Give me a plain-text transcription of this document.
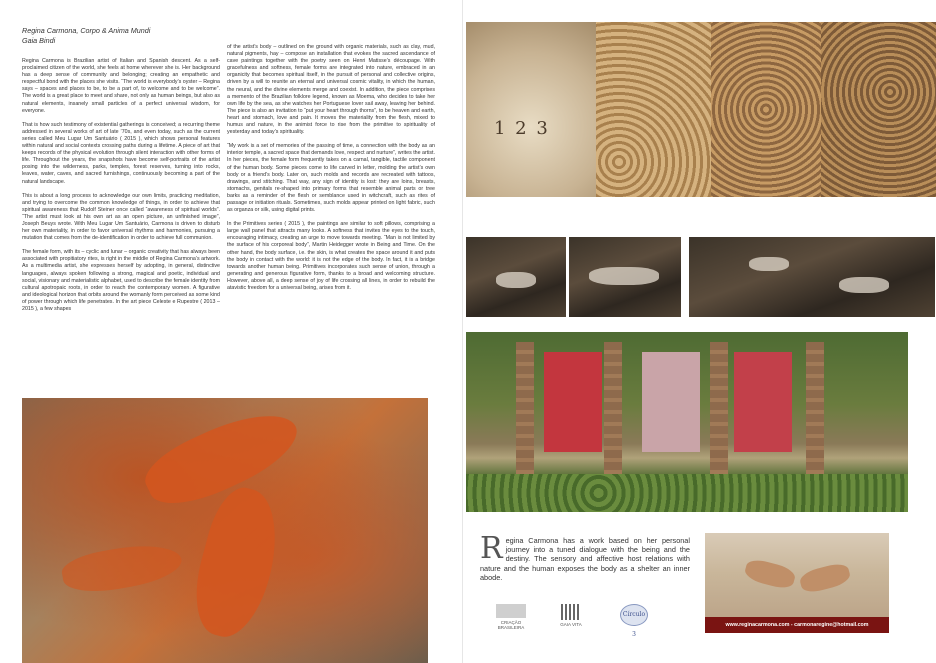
Regina Carmona, Corpo & Anima Mundi
Gaia Bindi

Regina Carmona is Brazilian artist of Italian and Spanish descent. As a self-proclaimed citizen of the world, she feels at home wherever she is. Her background has a deep sense of community and belonging; creating an empathetic and respectful bond with the places she visits. “The world is everybody’s oyster – Regina says – spaces and places to be, to be a part of, to welcome and to be welcome”. The world is a great place to meet and share, not only as human beings, but also as natural elements, insanely small particles of a perfect universal wisdom, for everyone.

That is how such testimony of existential gatherings is conceived; a recurring theme addressed in several works of art of late ’70s, and even today, such as the current series called Meu Lugar Um Santuário ( 2015 ), which shows personal features within natural and social contexts crossing paths during a lifetime. A piece of art that keeps records of the physical evolution through silent interaction with other forms of life. Throughout the years, the snapshots have become self-portraits of the artist posing into the wilderness, parks, temples, forest reserves, turning into rocks, leaves, water, caves, and sacred furnishings, continuously becoming a part of the natural landscape.

This is about a long process to acknowledge our own limits, practicing meditation, and trying to overcome the common knowledge of things, in order to achieve that spiritual awareness that Rudolf Steiner once called “awareness of spiritual worlds”. “The artist must look at his own art as an open picture, an unfinished image”, Joseph Beuys wrote. With Meu Lugar Um Santuário, Carmona is driven to disturb her own materiality, in order to favor universal rhythms and harmonies, pursuing a mutation that comes from the de-identification in order to achieve full communion.

The female form, with its – cyclic and lunar – organic creativity that has always been associated with propitiatory rites, is right in the middle of Regina Carmona’s artwork. As a multimedia artist, she expresses herself by adopting, in general, distinctive languages, always spoken following a strong, magical and poetic, individual and social, visionary and materialistic alphabet, used to describe the female identity from cultural apotropaic roots, in order to reach the contemporary women. A figurative and ideological horizon that orbits around the womanly form perceived as some kind of power through which life penetrates. In the art piece Celeste e Rupestre ( 2013 – 2015 ), a few shapes

of the artist’s body – outlined on the ground with organic materials, such as clay, mud, natural pigments, hay – compose an installation that evokes the sacred ascendance of cave paintings together with the poetry seen on Henri Matisse’s découpage. With gracefulness and softness, female forms are integrated into nature, embraced in an organicity that becomes spiritual itself, in the pursuit of personal and collective origins, driven by a will to reunite an eternal and universal cosmic vitality, in which the human, the neural, and the divine elements merge and coexist. In addition, the piece comprises a memento of the Brazilian folklore legend, known as Moema, who decides to take her own life by the sea, as she watches her Portuguese lover sail away, leaving her behind. The piece is also an invitation to “put your heart through thorns”, to be heaven and earth, heart and stomach, love and pain. It moves the materiality from the flesh, mixed to humus and nature, in the animist force to rise from the primitive to spirituality of yesterday and today’s spirituality.

“My work is a set of memories of the passing of time, a connection with the body as an interior temple, a sacred space that demands love, respect and nurture”, writes the artist. In her pieces, the female form frequently takes on a carnal, tangible, tactile component of the human body. Some pieces come to life carved in letter, molding the artist’s own body or a friend’s body. Later on, such molds and records are recreated with tattoos, drawings, and stitching. That way, any sign of identity is lost: they are loins, breasts, stomachs, genitals re-shaped into primary forms that resemble animal parts or tree barks as a reminder of the flesh or semblance used in witchcraft, such as rites of passage or initiation rituals. Sometimes, such molds appear printed on light fabric, such as organza or silk, using digital prints.

In the Primitives series ( 2015 ), the paintings are similar to soft pillows, comprising a large wall panel that attracts many looks. A softness that invites the eyes to the touch, encouraging intimacy, creating an urge to move towards meeting. “Man is not limited by the surface of his corporeal body”, Martin Heidegger wrote in Being and Time. On the other hand, the body surface, i.e. the skin, is what creates the space around it and puts the body in contact with the world: it is not the edge of the body. In fact, it is a bridge towards another human being. Primitives incorporates such sense of union, through a generating and generous figurative form, thanks to a broad and welcoming structure. However, above all, a deep sense of joy of life crossing all lines, in order to rebuild the atavistic freedom for a universal being, arises from it.

1 2 3
R egina Carmona has a work based on her personal journey into a tuned dialogue with the being and the destiny. The sensory and affective host relations with nature and the human exposes the body as a shelter an inner abode.
CRIAÇÃO BRASILEIRA
GAIA VITA
Círculo 3
www.reginacarmona.com - carmonaregine@hotmail.com
